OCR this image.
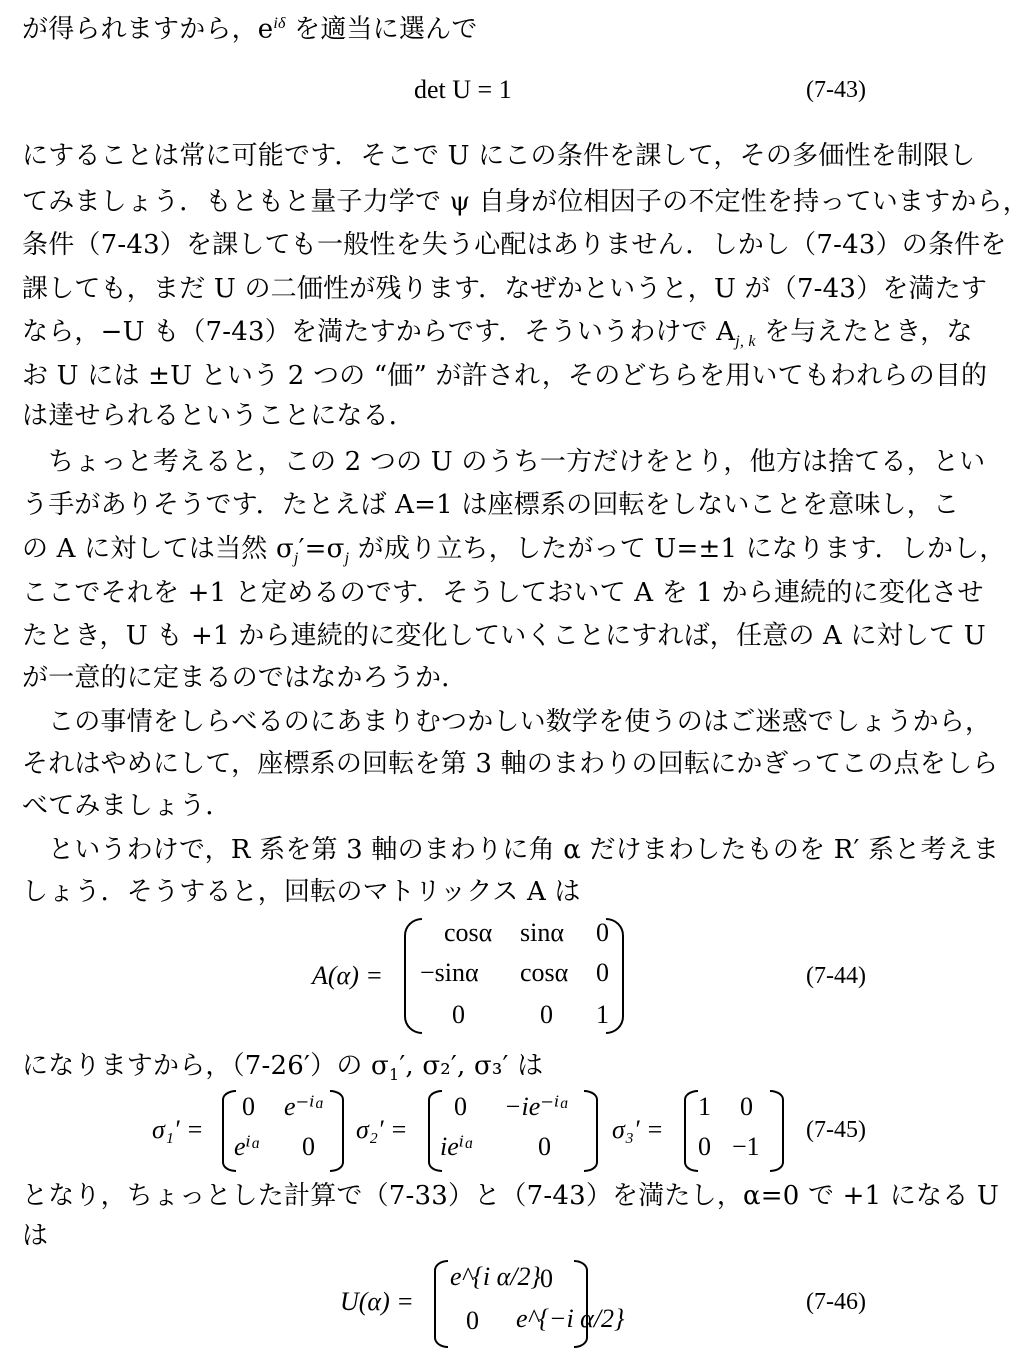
が得られますから，$e^{i\delta}$ を適当に選んで
det U = 1	(7-43)
にすることは常に可能です．そこで U にこの条件を課して，その多価性を制限し
てみましょう．もともと量子力学で ψ 自身が位相因子の不定性を持っていますから，
条件（7-43）を課しても一般性を失う心配はありません．しかし（7-43）の条件を
課しても，まだ U の二価性が残ります．なぜかというと，U が（7-43）を満たす
なら，−U も（7-43）を満たすからです．そういうわけで $A_{j, k}$ を与えたとき，な
お U には ±U という 2 つの “価” が許され，そのどちらを用いてもわれらの目的
は達せられるということになる．
ちょっと考えると，この 2 つの U のうち一方だけをとり，他方は捨てる，とい
う手がありそうです．たとえば A=1 は座標系の回転をしないことを意味し，こ
の A に対しては当然 $\sigma_j'=\sigma_j$ が成り立ち，したがって U=±1 になります．しかし，
ここでそれを +1 と定めるのです．そうしておいて A を 1 から連続的に変化させ
たとき，U も +1 から連続的に変化していくことにすれば，任意の A に対して U
が一意的に定まるのではなかろうか．
この事情をしらべるのにあまりむつかしい数学を使うのはご迷惑でしょうから，
それはやめにして，座標系の回転を第 3 軸のまわりの回転にかぎってこの点をしら
べてみましょう．
というわけで，R 系を第 3 軸のまわりに角 α だけまわしたものを R′ 系と考えま
しょう．そうすると，回転のマトリックス A は
A(α) =
cosα sinα 0
−sinα cosα 0
0	0 1
(7-44)
になりますから，（7-26′）の $\sigma_1'$, σ₂′, σ₃′ は
σ₁′ =
0 e⁻ⁱᵅ
eⁱᵅ 0
σ₂′ =
0 −ie⁻ⁱᵅ
ieⁱᵅ 0
σ₃′ =
1 0
0 −1
(7-45)
となり，ちょっとした計算で（7-33）と（7-43）を満たし，α=0 で +1 になる U
は
U(α) =
e^{i α/2} 0
0 e^{−i α/2}
(7-46)
